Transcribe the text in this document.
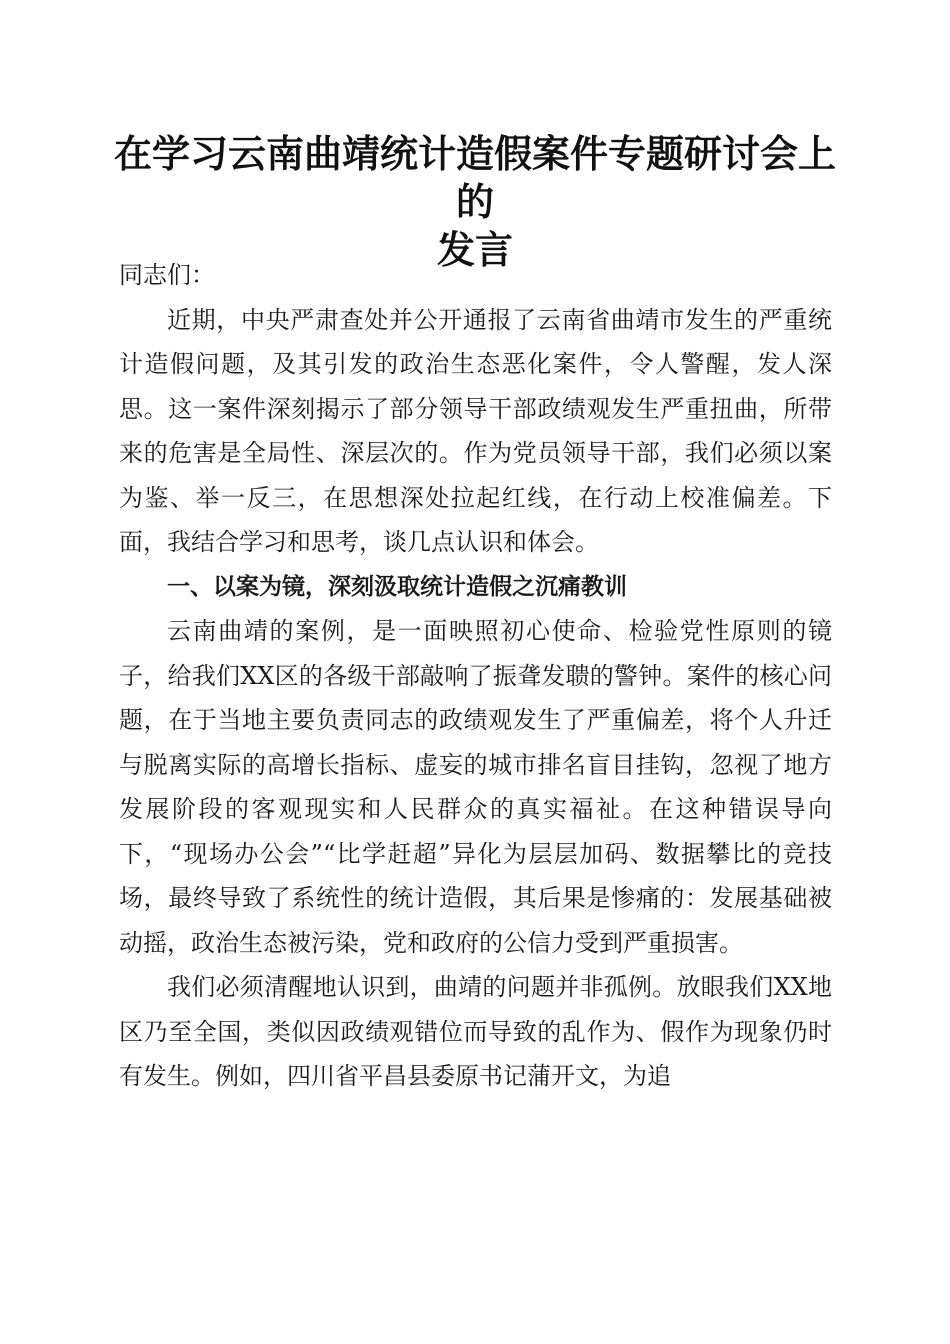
在学习云南曲靖统计造假案件专题研讨会上的
发言

同志们：

近期，中央严肃查处并公开通报了云南省曲靖市发生的严重统计造假问题，及其引发的政治生态恶化案件，令人警醒，发人深思。这一案件深刻揭示了部分领导干部政绩观发生严重扭曲，所带来的危害是全局性、深层次的。作为党员领导干部，我们必须以案为鉴、举一反三，在思想深处拉起红线，在行动上校准偏差。下面，我结合学习和思考，谈几点认识和体会。

一、以案为镜，深刻汲取统计造假之沉痛教训

云南曲靖的案例，是一面映照初心使命、检验党性原则的镜子，给我们XX区的各级干部敲响了振聋发聩的警钟。案件的核心问题，在于当地主要负责同志的政绩观发生了严重偏差，将个人升迁与脱离实际的高增长指标、虚妄的城市排名盲目挂钩，忽视了地方发展阶段的客观现实和人民群众的真实福祉。在这种错误导向下，“现场办公会”“比学赶超”异化为层层加码、数据攀比的竞技场，最终导致了系统性的统计造假，其后果是惨痛的：发展基础被动摇，政治生态被污染，党和政府的公信力受到严重损害。

我们必须清醒地认识到，曲靖的问题并非孤例。放眼我们XX地区乃至全国，类似因政绩观错位而导致的乱作为、假作为现象仍时有发生。例如，四川省平昌县委原书记蒲开文，为追
